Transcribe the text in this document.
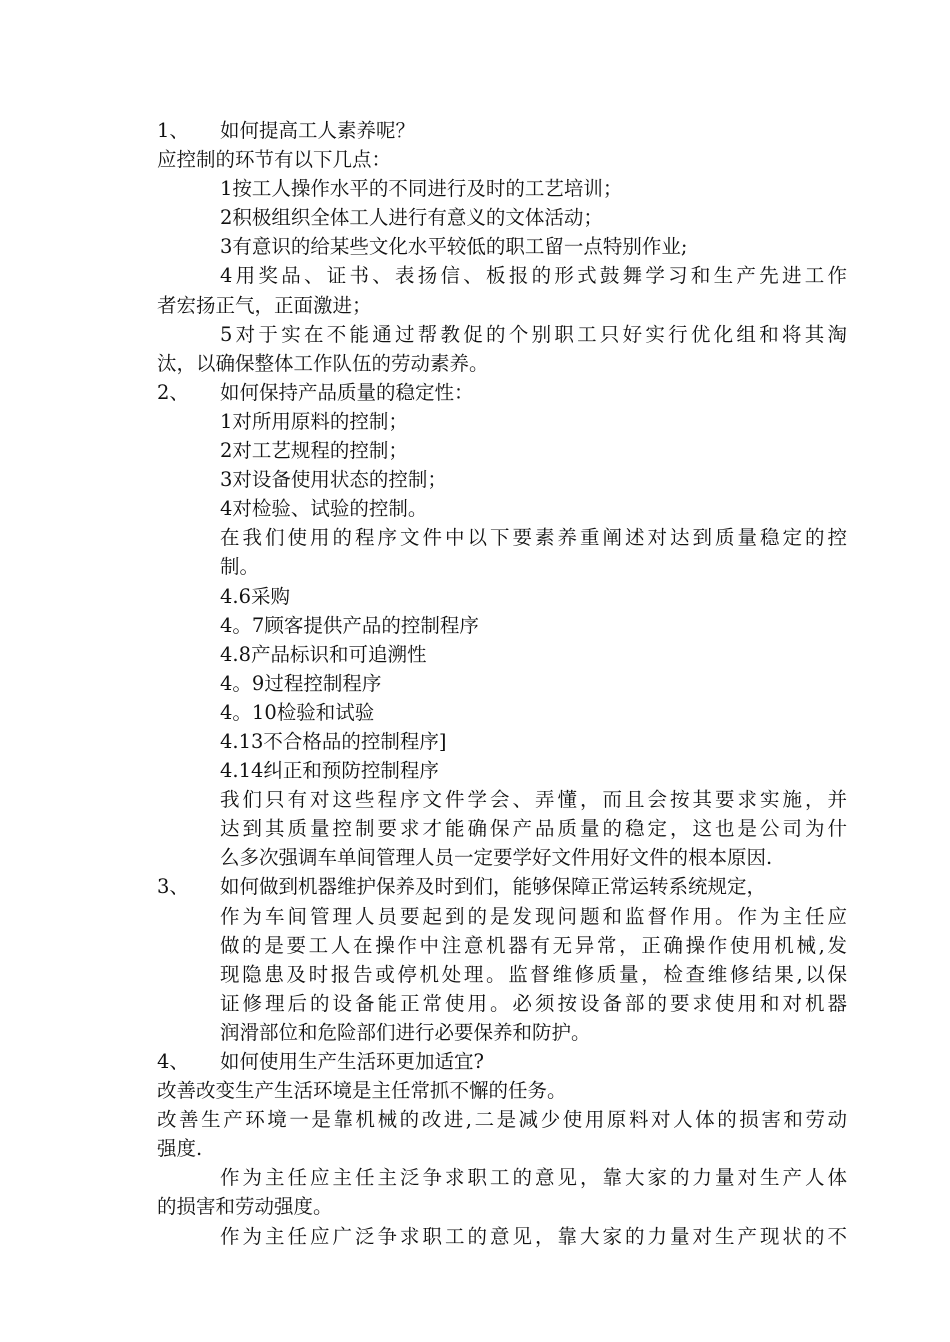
1、 如何提高工人素养呢？
应控制的环节有以下几点：
1按工人操作水平的不同进行及时的工艺培训；
2积极组织全体工人进行有意义的文体活动；
3有意识的给某些文化水平较低的职工留一点特别作业;
4用奖品、证书、表扬信、板报的形式鼓舞学习和生产先进工作
者宏扬正气，正面激进；
5对于实在不能通过帮教促的个别职工只好实行优化组和将其淘
汰，以确保整体工作队伍的劳动素养。
2、 如何保持产品质量的稳定性：
1对所用原料的控制；
2对工艺规程的控制；
3对设备使用状态的控制；
4对检验、试验的控制。
在我们使用的程序文件中以下要素养重阐述对达到质量稳定的控
制。
4.6采购
4。7顾客提供产品的控制程序
4.8产品标识和可追溯性
4。9过程控制程序
4。10检验和试验
4.13不合格品的控制程序]
4.14纠正和预防控制程序
我们只有对这些程序文件学会、弄懂，而且会按其要求实施，并
达到其质量控制要求才能确保产品质量的稳定，这也是公司为什
么多次强调车单间管理人员一定要学好文件用好文件的根本原因.
3、 如何做到机器维护保养及时到们，能够保障正常运转系统规定，
作为车间管理人员要起到的是发现问题和监督作用。作为主任应
做的是要工人在操作中注意机器有无异常，正确操作使用机械,发
现隐患及时报告或停机处理。监督维修质量，检查维修结果,以保
证修理后的设备能正常使用。必须按设备部的要求使用和对机器
润滑部位和危险部们进行必要保养和防护。
4、 如何使用生产生活环更加适宜?
改善改变生产生活环境是主任常抓不懈的任务。
改善生产环境一是靠机械的改进,二是减少使用原料对人体的损害和劳动
强度.
作为主任应主任主泛争求职工的意见，靠大家的力量对生产人体
的损害和劳动强度。
作为主任应广泛争求职工的意见，靠大家的力量对生产现状的不
